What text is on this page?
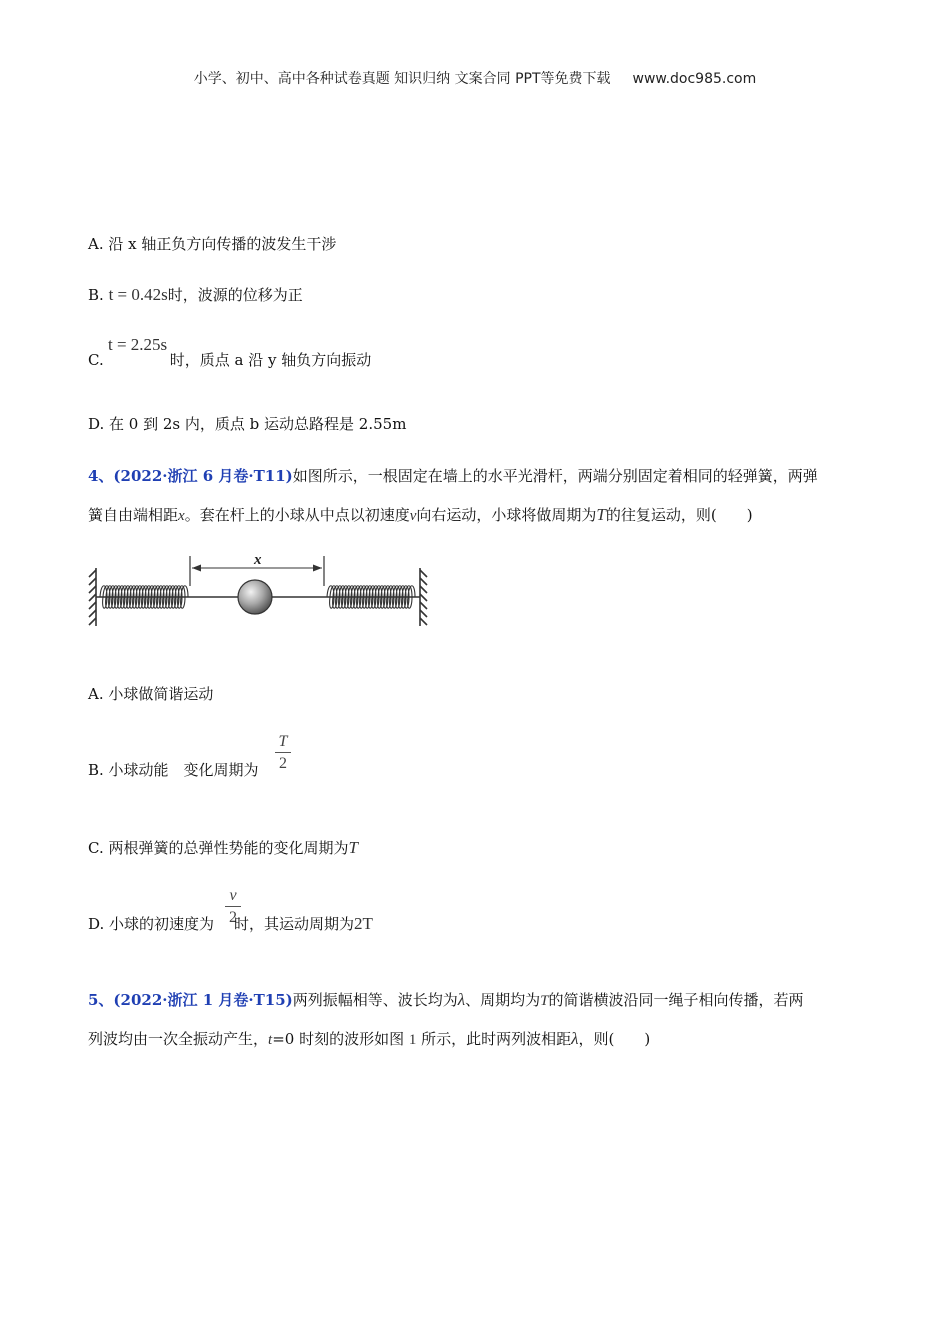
小学、初中、高中各种试卷真题 知识归纳 文案合同 PPT等免费下载 www.doc985.com
A. 沿 x 轴正负方向传播的波发生干涉
B. t = 0.42s时，波源的位移为正
t = 2.25s
C.	时，质点 a 沿 y 轴负方向振动
D. 在 0 到 2s 内，质点 b 运动总路程是 2.55m
4、(2022·浙江 6 月卷·T11)如图所示，一根固定在墙上的水平光滑杆，两端分别固定着相同的轻弹簧，两弹
簧自由端相距x。套在杆上的小球从中点以初速度v向右运动，小球将做周期为T的往复运动，则(　　)
x
A. 小球做简谐运动
T
2
B. 小球动能　变化周期为
C. 两根弹簧的总弹性势能的变化周期为T
v
2
D. 小球的初速度为 时，其运动周期为2T
5、(2022·浙江 1 月卷·T15)两列振幅相等、波长均为λ、周期均为T的简谐横波沿同一绳子相向传播，若两
列波均由一次全振动产生，t=0 时刻的波形如图 1 所示，此时两列波相距λ，则(　　)
